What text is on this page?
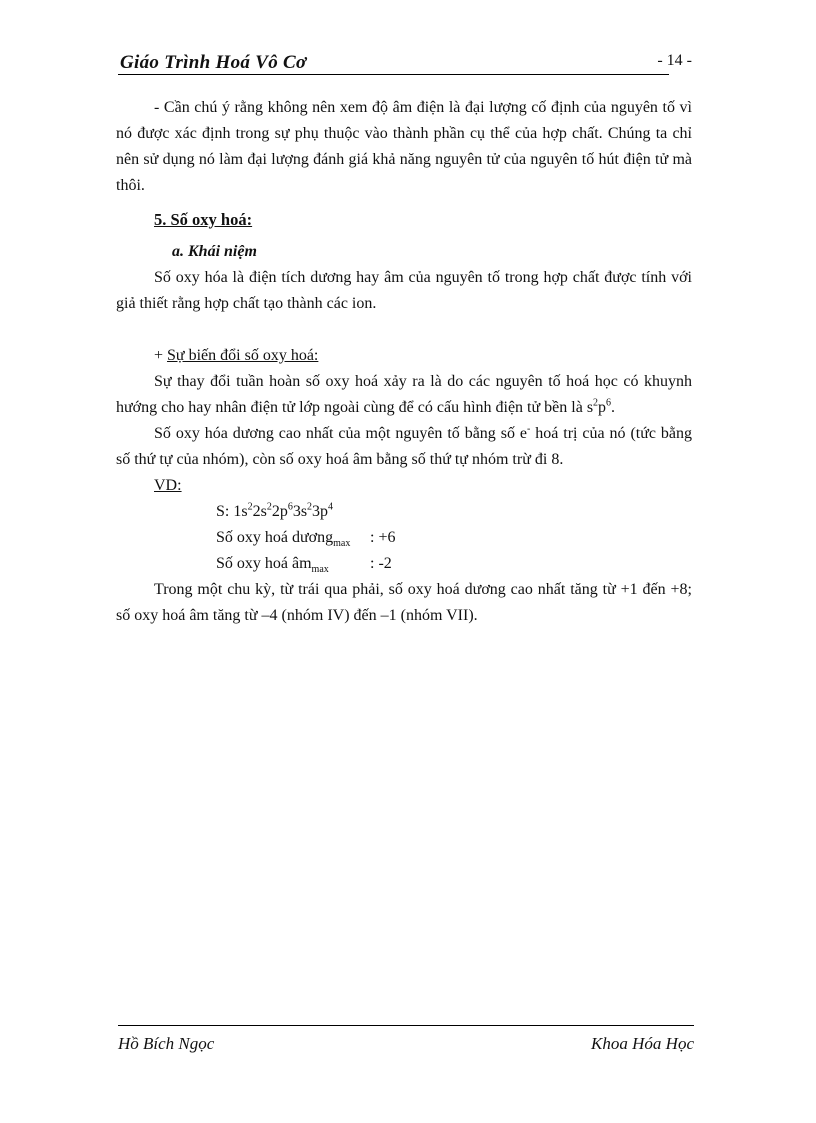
Giáo Trình Hoá Vô Cơ	- 14 -

- Cần chú ý rằng không nên xem độ âm điện là đại lượng cố định của nguyên tố vì nó được xác định trong sự phụ thuộc vào thành phần cụ thể của hợp chất. Chúng ta chỉ nên sử dụng nó làm đại lượng đánh giá khả năng nguyên tử của nguyên tố hút điện tử mà thôi.

5. Số oxy hoá:

a. Khái niệm

Số oxy hóa là điện tích dương hay âm của nguyên tố trong hợp chất được tính với giả thiết rằng hợp chất tạo thành các ion.

+ Sự biến đổi số oxy hoá:

Sự thay đổi tuần hoàn số oxy hoá xảy ra là do các nguyên tố hoá học có khuynh hướng cho hay nhân điện tử lớp ngoài cùng để có cấu hình điện tử bền là $s^2p^6$.

Số oxy hóa dương cao nhất của một nguyên tố bằng số e- hoá trị của nó (tức bằng số thứ tự của nhóm), còn số oxy hoá âm bằng số thứ tự nhóm trừ đi 8.

VD:

S: $1s^22s^22p^63s^23p^4$

Số oxy hoá dương$_{max}$ : +6

Số oxy hoá $âm_{max}$	: -2

Trong một chu kỳ, từ trái qua phải, số oxy hoá dương cao nhất tăng từ +1 đến +8; số oxy hoá âm tăng từ –4 (nhóm IV) đến –1 (nhóm VII).

Hồ Bích Ngọc	Khoa Hóa Học
